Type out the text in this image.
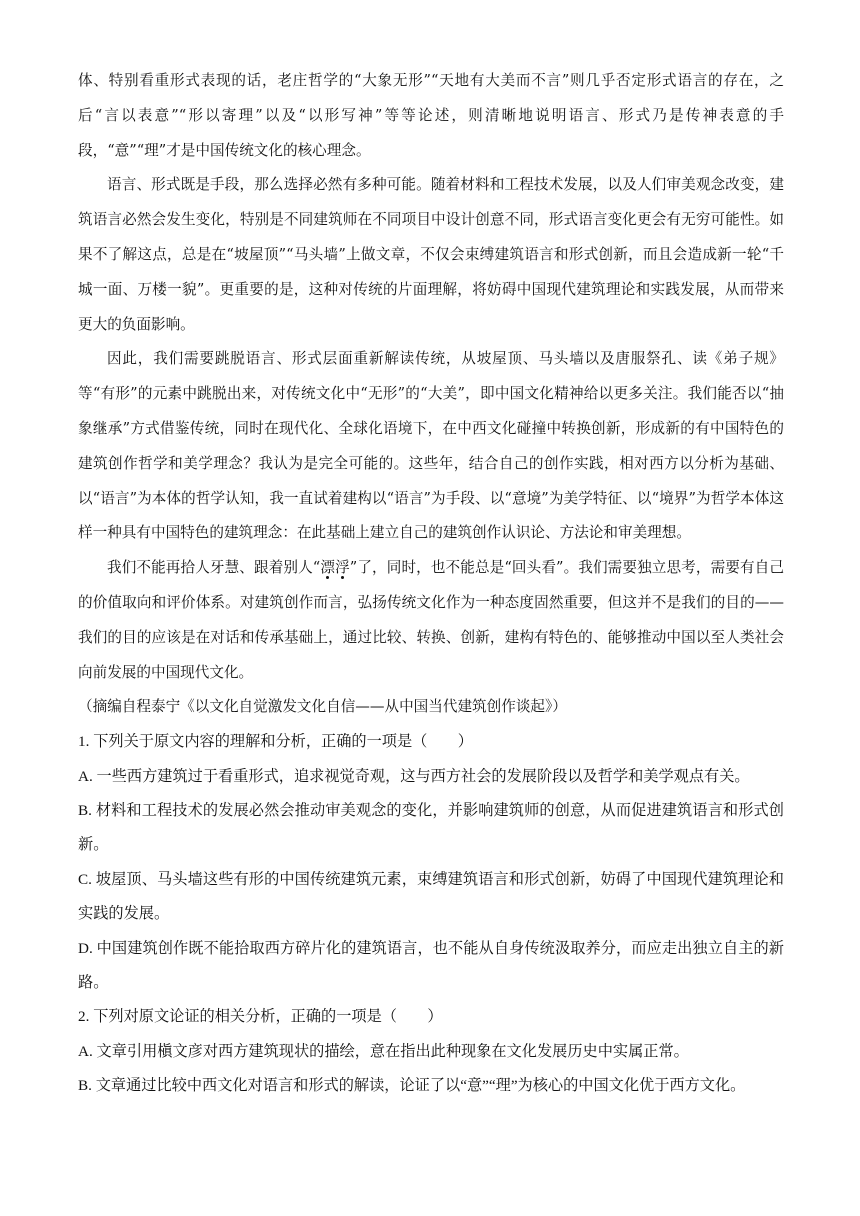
体、特别看重形式表现的话，老庄哲学的“大象无形”“天地有大美而不言”则几乎否定形式语言的存在，之后“言以表意”“形以寄理”以及“以形写神”等等论述，则清晰地说明语言、形式乃是传神表意的手段，“意”“理”才是中国传统文化的核心理念。

语言、形式既是手段，那么选择必然有多种可能。随着材料和工程技术发展，以及人们审美观念改变，建筑语言必然会发生变化，特别是不同建筑师在不同项目中设计创意不同，形式语言变化更会有无穷可能性。如果不了解这点，总是在“坡屋顶”“马头墙”上做文章，不仅会束缚建筑语言和形式创新，而且会造成新一轮“千城一面、万楼一貌”。更重要的是，这种对传统的片面理解，将妨碍中国现代建筑理论和实践发展，从而带来更大的负面影响。

因此，我们需要跳脱语言、形式层面重新解读传统，从坡屋顶、马头墙以及唐服祭孔、读《弟子规》等“有形”的元素中跳脱出来，对传统文化中“无形”的“大美”，即中国文化精神给以更多关注。我们能否以“抽象继承”方式借鉴传统，同时在现代化、全球化语境下，在中西文化碰撞中转换创新，形成新的有中国特色的建筑创作哲学和美学理念？我认为是完全可能的。这些年，结合自己的创作实践，相对西方以分析为基础、以“语言”为本体的哲学认知，我一直试着建构以“语言”为手段、以“意境”为美学特征、以“境界”为哲学本体这样一种具有中国特色的建筑理念：在此基础上建立自己的建筑创作认识论、方法论和审美理想。

我们不能再拾人牙慧、跟着别人“漂浮”了，同时，也不能总是“回头看”。我们需要独立思考，需要有自己的价值取向和评价体系。对建筑创作而言，弘扬传统文化作为一种态度固然重要，但这并不是我们的目的——我们的目的应该是在对话和传承基础上，通过比较、转换、创新，建构有特色的、能够推动中国以至人类社会向前发展的中国现代文化。

（摘编自程泰宁《以文化自觉激发文化自信——从中国当代建筑创作谈起》）

1. 下列关于原文内容的理解和分析，正确的一项是（　　）

A. 一些西方建筑过于看重形式，追求视觉奇观，这与西方社会的发展阶段以及哲学和美学观点有关。

B. 材料和工程技术的发展必然会推动审美观念的变化，并影响建筑师的创意，从而促进建筑语言和形式创新。

C. 坡屋顶、马头墙这些有形的中国传统建筑元素，束缚建筑语言和形式创新，妨碍了中国现代建筑理论和实践的发展。

D. 中国建筑创作既不能拾取西方碎片化的建筑语言，也不能从自身传统汲取养分，而应走出独立自主的新路。

2. 下列对原文论证的相关分析，正确的一项是（　　）

A. 文章引用槇文彦对西方建筑现状的描绘，意在指出此种现象在文化发展历史中实属正常。

B. 文章通过比较中西文化对语言和形式的解读，论证了以“意”“理”为核心的中国文化优于西方文化。
